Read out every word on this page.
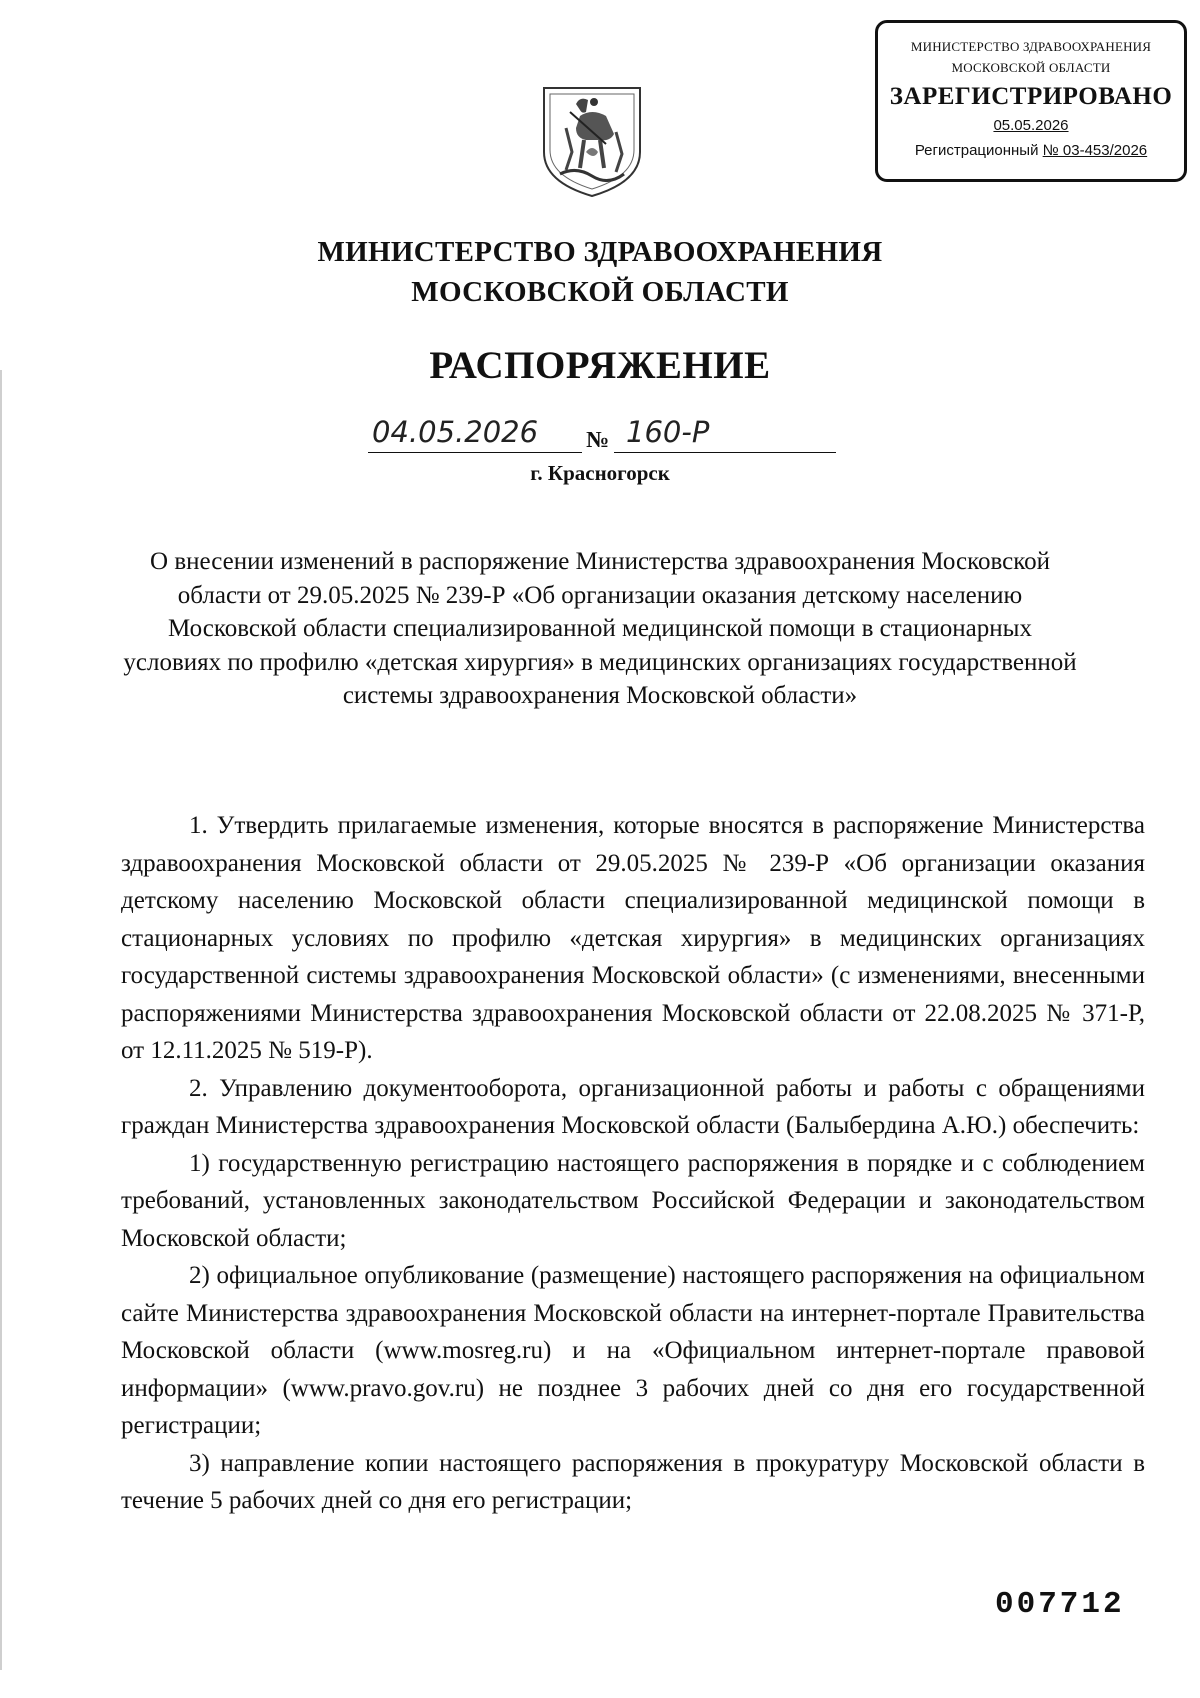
МИНИСТЕРСТВО ЗДРАВООХРАНЕНИЯ
МОСКОВСКОЙ ОБЛАСТИ
ЗАРЕГИСТРИРОВАНО
05.05.2026
Регистрационный № 03-453/2026
МИНИСТЕРСТВО ЗДРАВООХРАНЕНИЯ
МОСКОВСКОЙ ОБЛАСТИ
РАСПОРЯЖЕНИЕ
04.05.2026 № 160-Р
г. Красногорск
О внесении изменений в распоряжение Министерства здравоохранения Московской области от 29.05.2025 № 239-Р «Об организации оказания детскому населению Московской области специализированной медицинской помощи в стационарных условиях по профилю «детская хирургия» в медицинских организациях государственной системы здравоохранения Московской области»

1. Утвердить прилагаемые изменения, которые вносятся в распоряжение Министерства здравоохранения Московской области от 29.05.2025 № 239-Р «Об организации оказания детскому населению Московской области специализированной медицинской помощи в стационарных условиях по профилю «детская хирургия» в медицинских организациях государственной системы здравоохранения Московской области» (с изменениями, внесенными распоряжениями Министерства здравоохранения Московской области от 22.08.2025 № 371-Р, от 12.11.2025 № 519-Р).

2. Управлению документооборота, организационной работы и работы с обращениями граждан Министерства здравоохранения Московской области (Балыбердина А.Ю.) обеспечить:

1) государственную регистрацию настоящего распоряжения в порядке и с соблюдением требований, установленных законодательством Российской Федерации и законодательством Московской области;

2) официальное опубликование (размещение) настоящего распоряжения на официальном сайте Министерства здравоохранения Московской области на интернет-портале Правительства Московской области (www.mosreg.ru) и на «Официальном интернет-портале правовой информации» (www.pravo.gov.ru) не позднее 3 рабочих дней со дня его государственной регистрации;

3) направление копии настоящего распоряжения в прокуратуру Московской области в течение 5 рабочих дней со дня его регистрации;

007712
